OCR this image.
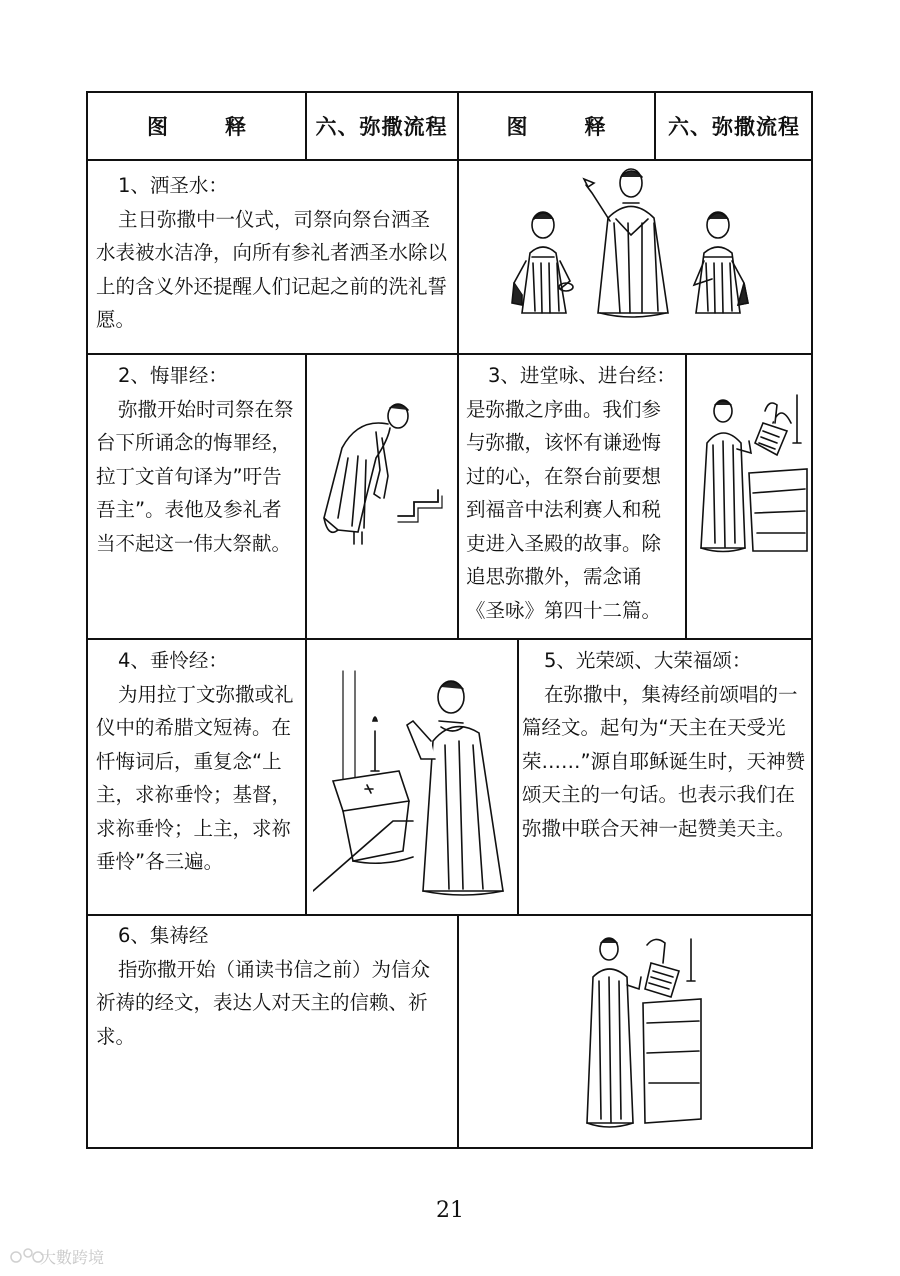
图　释	六、弥撒流程	图　释	六、弥撒流程

1、洒圣水：

主日弥撒中一仪式，司祭向祭台洒圣水表被水洁净，向所有参礼者洒圣水除以上的含义外还提醒人们记起之前的洗礼誓愿。

2、悔罪经：

弥撒开始时司祭在祭台下所诵念的悔罪经，拉丁文首句译为”吁告吾主”。表他及参礼者当不起这一伟大祭献。

3、进堂咏、进台经：

是弥撒之序曲。我们参与弥撒，该怀有谦逊悔过的心，在祭台前要想到福音中法利赛人和税吏进入圣殿的故事。除追思弥撒外，需念诵《圣咏》第四十二篇。

4、垂怜经：

为用拉丁文弥撒或礼仪中的希腊文短祷。在忏悔词后，重复念“上主，求祢垂怜；基督，求祢垂怜；上主，求祢垂怜”各三遍。

5、光荣颂、大荣福颂：

在弥撒中，集祷经前颂唱的一篇经文。起句为“天主在天受光荣……”源自耶稣诞生时，天神赞颂天主的一句话。也表示我们在弥撒中联合天神一起赞美天主。

6、集祷经

指弥撒开始（诵读书信之前）为信众祈祷的经文，表达人对天主的信赖、祈求。

21
大數跨境
